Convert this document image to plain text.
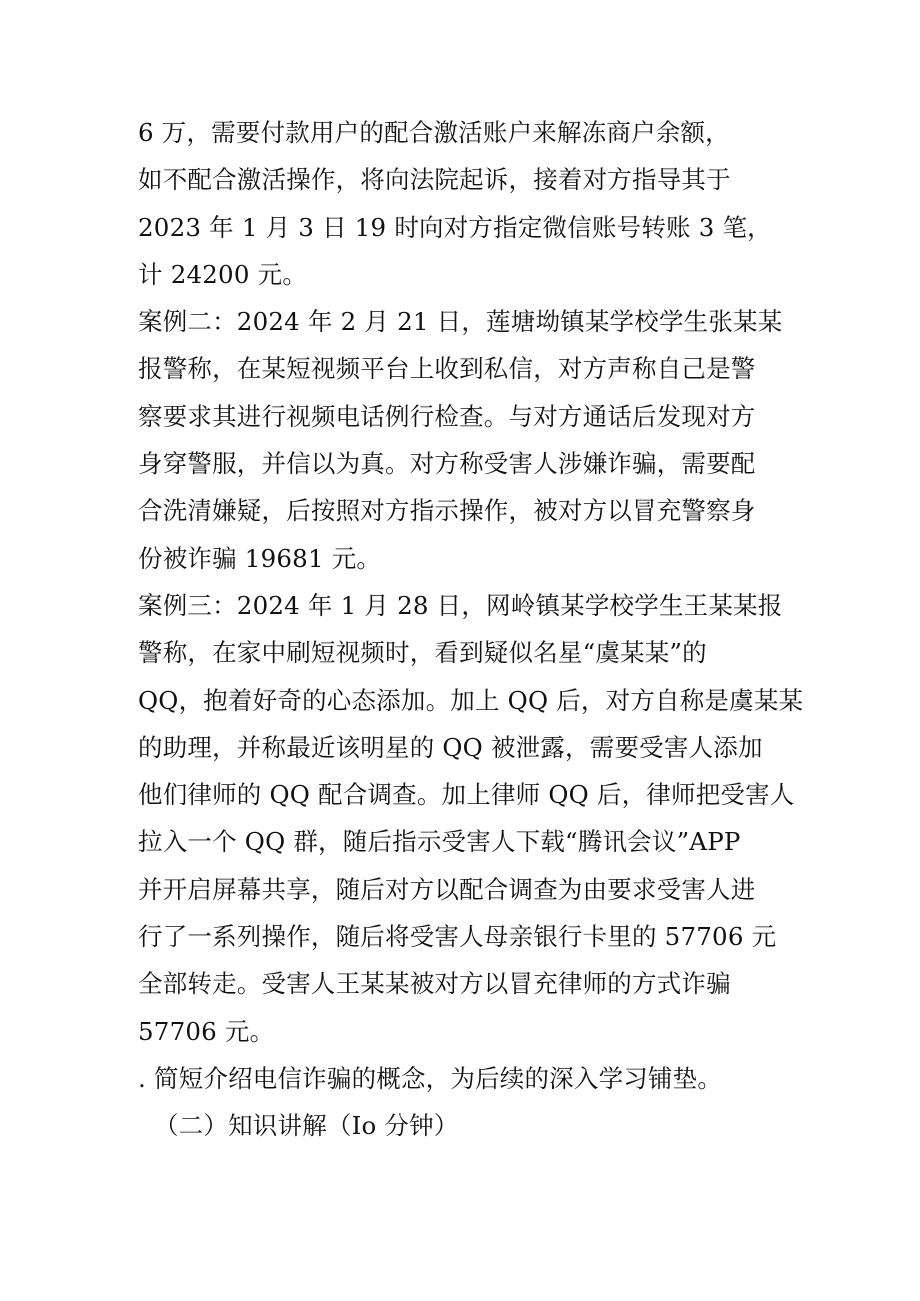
6 万，需要付款用户的配合激活账户来解冻商户余额，
如不配合激活操作，将向法院起诉，接着对方指导其于
2023 年 1 月 3 日 19 时向对方指定微信账号转账 3 笔，
计 24200 元。
案例二：2024 年 2 月 21 日，莲塘坳镇某学校学生张某某
报警称，在某短视频平台上收到私信，对方声称自己是警
察要求其进行视频电话例行检查。与对方通话后发现对方
身穿警服，并信以为真。对方称受害人涉嫌诈骗，需要配
合洗清嫌疑，后按照对方指示操作，被对方以冒充警察身
份被诈骗 19681 元。
案例三：2024 年 1 月 28 日，网岭镇某学校学生王某某报
警称，在家中刷短视频时，看到疑似名星“虞某某”的
QQ，抱着好奇的心态添加。加上 QQ 后，对方自称是虞某某
的助理，并称最近该明星的 QQ 被泄露，需要受害人添加
他们律师的 QQ 配合调查。加上律师 QQ 后，律师把受害人
拉入一个 QQ 群，随后指示受害人下载“腾讯会议”APP
并开启屏幕共享，随后对方以配合调查为由要求受害人进
行了一系列操作，随后将受害人母亲银行卡里的 57706 元
全部转走。受害人王某某被对方以冒充律师的方式诈骗
57706 元。
. 简短介绍电信诈骗的概念，为后续的深入学习铺垫。
（二）知识讲解（Io 分钟）
